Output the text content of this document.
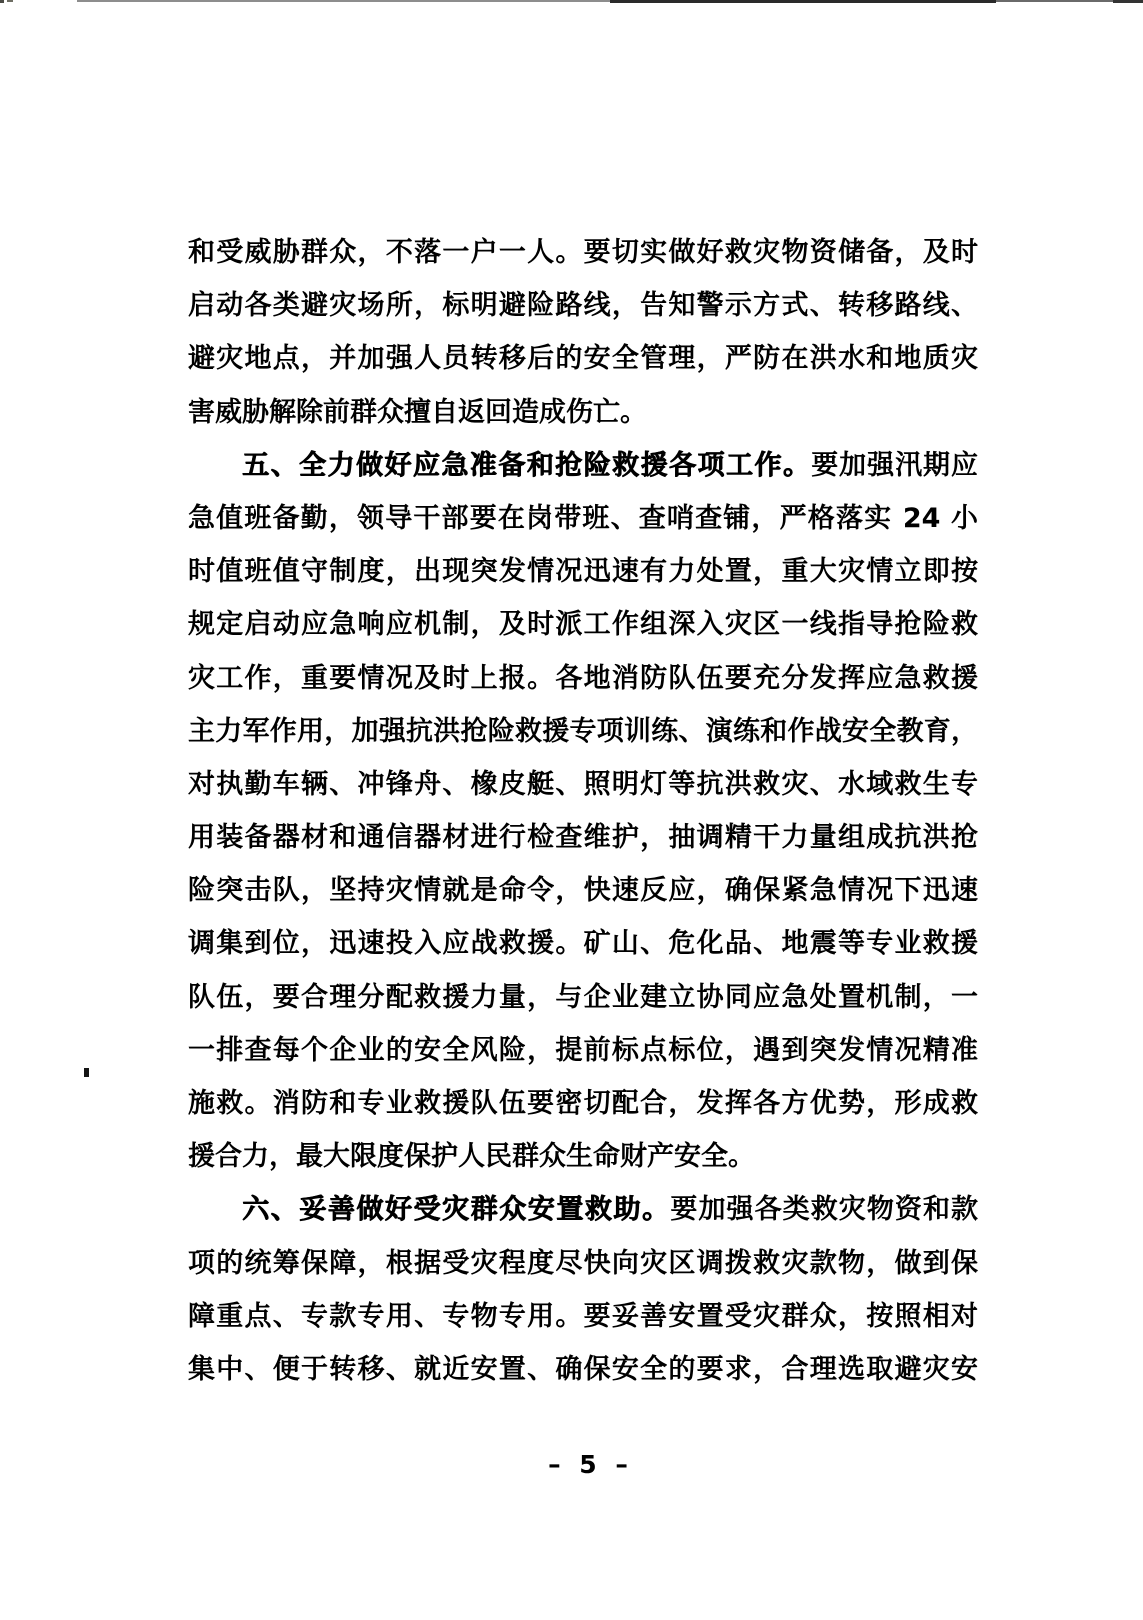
和受威胁群众，不落一户一人。要切实做好救灾物资储备，及时
启动各类避灾场所，标明避险路线，告知警示方式、转移路线、
避灾地点，并加强人员转移后的安全管理，严防在洪水和地质灾
害威胁解除前群众擅自返回造成伤亡。
五、全力做好应急准备和抢险救援各项工作。要加强汛期应
急值班备勤，领导干部要在岗带班、查哨查铺，严格落实 24 小
时值班值守制度，出现突发情况迅速有力处置，重大灾情立即按
规定启动应急响应机制，及时派工作组深入灾区一线指导抢险救
灾工作，重要情况及时上报。各地消防队伍要充分发挥应急救援
主力军作用，加强抗洪抢险救援专项训练、演练和作战安全教育，
对执勤车辆、冲锋舟、橡皮艇、照明灯等抗洪救灾、水域救生专
用装备器材和通信器材进行检查维护，抽调精干力量组成抗洪抢
险突击队，坚持灾情就是命令，快速反应，确保紧急情况下迅速
调集到位，迅速投入应战救援。矿山、危化品、地震等专业救援
队伍，要合理分配救援力量，与企业建立协同应急处置机制，一
一排查每个企业的安全风险，提前标点标位，遇到突发情况精准
施救。消防和专业救援队伍要密切配合，发挥各方优势，形成救
援合力，最大限度保护人民群众生命财产安全。
六、妥善做好受灾群众安置救助。要加强各类救灾物资和款
项的统筹保障，根据受灾程度尽快向灾区调拨救灾款物，做到保
障重点、专款专用、专物专用。要妥善安置受灾群众，按照相对
集中、便于转移、就近安置、确保安全的要求，合理选取避灾安
– 5 –
